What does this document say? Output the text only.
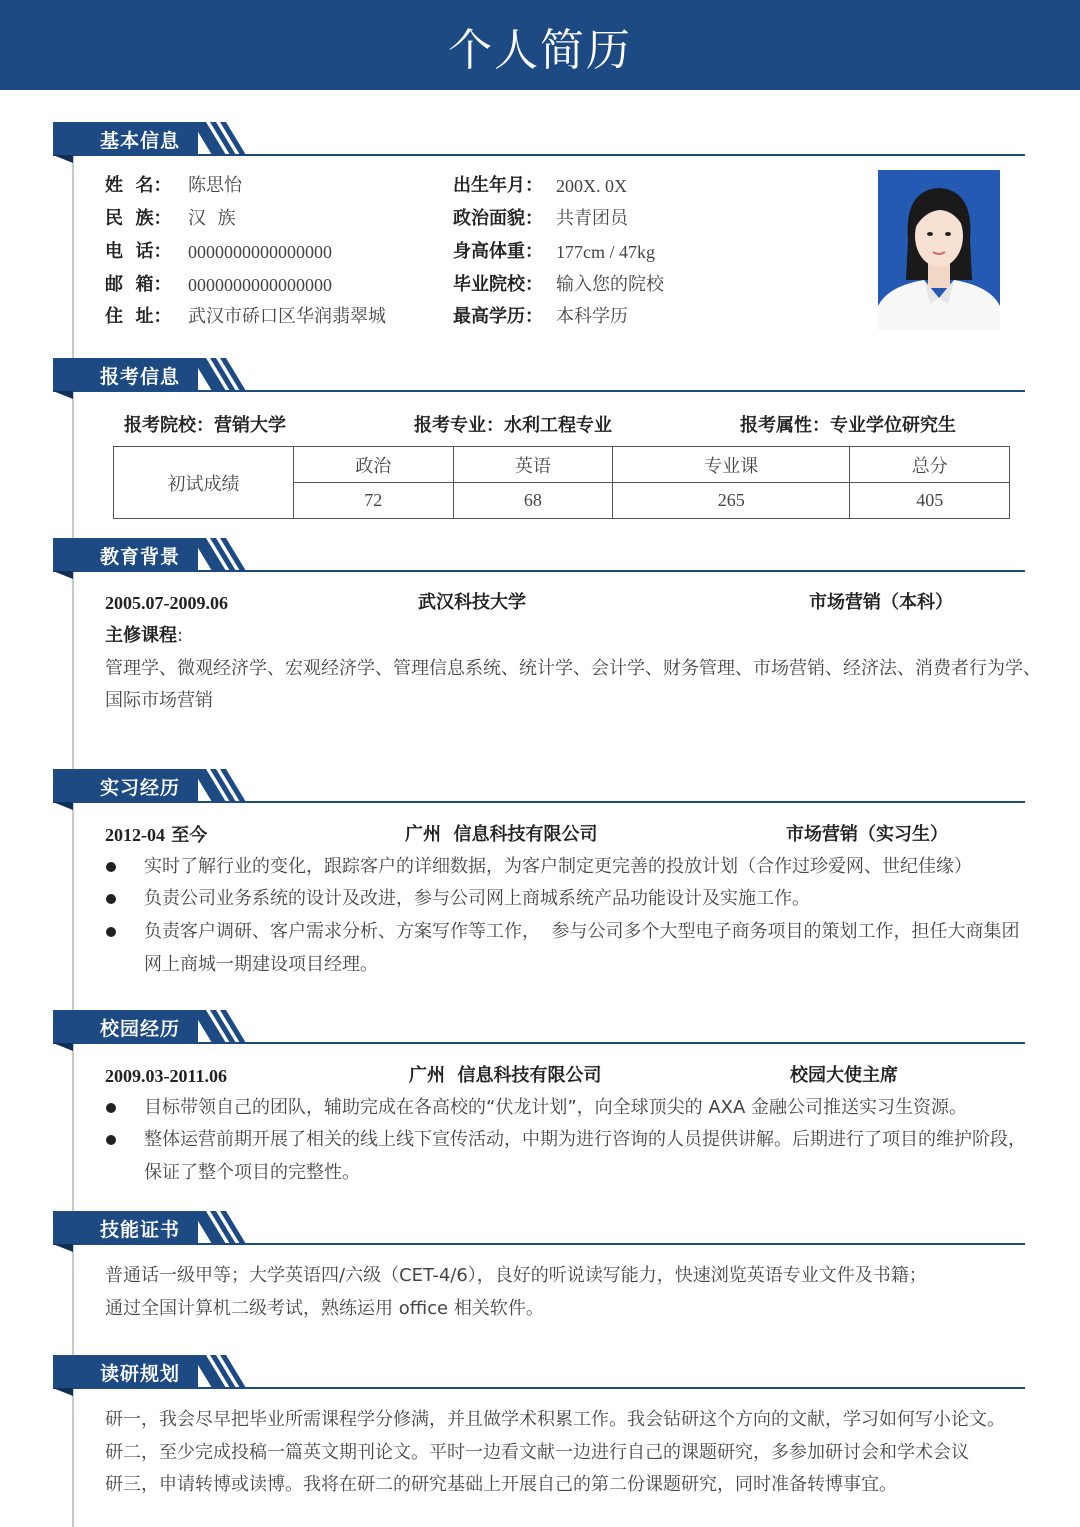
个人简历
基本信息
姓  名： 陈思怡
民  族： 汉  族
电  话： 0000000000000000
邮  箱： 0000000000000000
住  址： 武汉市硚口区华润翡翠城
出生年月： 200X. 0X
政治面貌： 共青团员
身高体重： 177cm / 47kg
毕业院校： 输入您的院校
最高学历： 本科学历
报考信息
报考院校：营销大学	报考专业：水利工程专业	报考属性：专业学位研究生
初试成绩	政治	英语	专业课	总分
	72	68	265	405
教育背景
2005.07-2009.06	武汉科技大学	市场营销（本科）
主修课程:
管理学、微观经济学、宏观经济学、管理信息系统、统计学、会计学、财务管理、市场营销、经济法、消费者行为学、
国际市场营销
实习经历
2012-04 至今	广州  信息科技有限公司	市场营销（实习生）
实时了解行业的变化，跟踪客户的详细数据，为客户制定更完善的投放计划（合作过珍爱网、世纪佳缘）
负责公司业务系统的设计及改进，参与公司网上商城系统产品功能设计及实施工作。
负责客户调研、客户需求分析、方案写作等工作，  参与公司多个大型电子商务项目的策划工作，担任大商集团
网上商城一期建设项目经理。
校园经历
2009.03-2011.06	广州  信息科技有限公司	校园大使主席
目标带领自己的团队，辅助完成在各高校的“伏龙计划”，向全球顶尖的 AXA 金融公司推送实习生资源。
整体运营前期开展了相关的线上线下宣传活动，中期为进行咨询的人员提供讲解。后期进行了项目的维护阶段，
保证了整个项目的完整性。
技能证书
普通话一级甲等；大学英语四/六级（CET-4/6），良好的听说读写能力，快速浏览英语专业文件及书籍；
通过全国计算机二级考试，熟练运用 office 相关软件。
读研规划
研一，我会尽早把毕业所需课程学分修满，并且做学术积累工作。我会钻研这个方向的文献，学习如何写小论文。
研二，至少完成投稿一篇英文期刊论文。平时一边看文献一边进行自己的课题研究，多参加研讨会和学术会议
研三，申请转博或读博。我将在研二的研究基础上开展自己的第二份课题研究，同时准备转博事宜。
